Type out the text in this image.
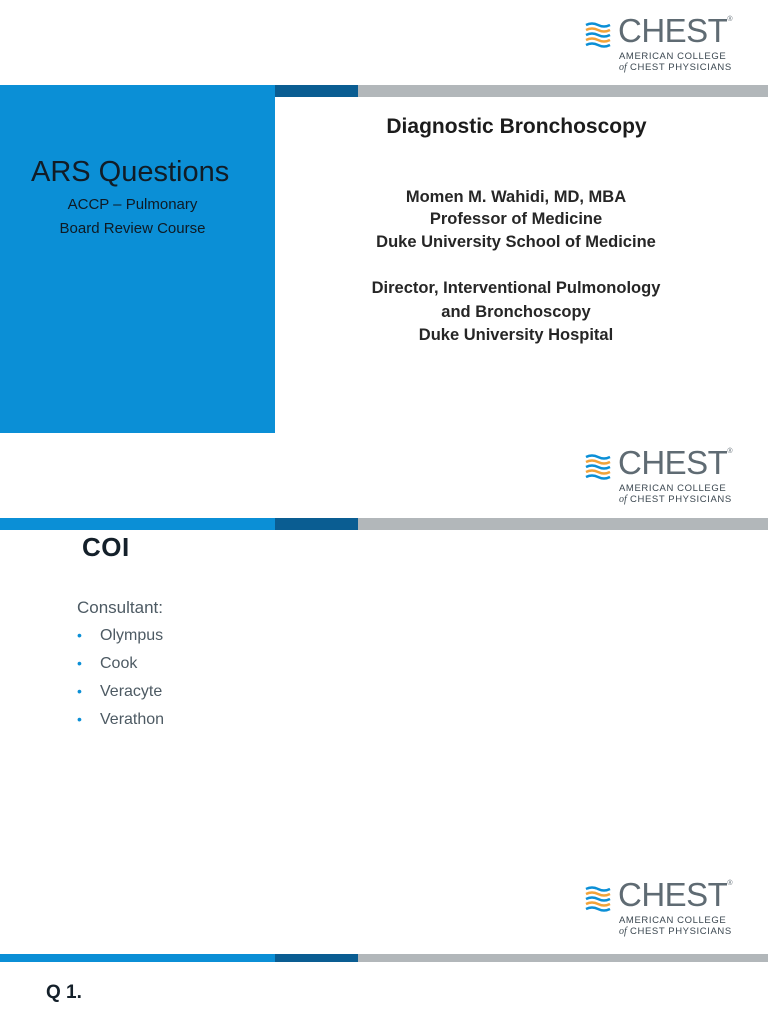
CHEST®
AMERICAN COLLEGE
of CHEST PHYSICIANS
ARS Questions
ACCP – Pulmonary
Board Review Course
Diagnostic Bronchoscopy
Momen M. Wahidi, MD, MBA
Professor of Medicine
Duke University School of Medicine
Director, Interventional Pulmonology
and Bronchoscopy
Duke University Hospital
CHEST®
AMERICAN COLLEGE
of CHEST PHYSICIANS
COI
Consultant:
• Olympus
• Cook
• Veracyte
• Verathon
CHEST®
AMERICAN COLLEGE
of CHEST PHYSICIANS
Q 1.
